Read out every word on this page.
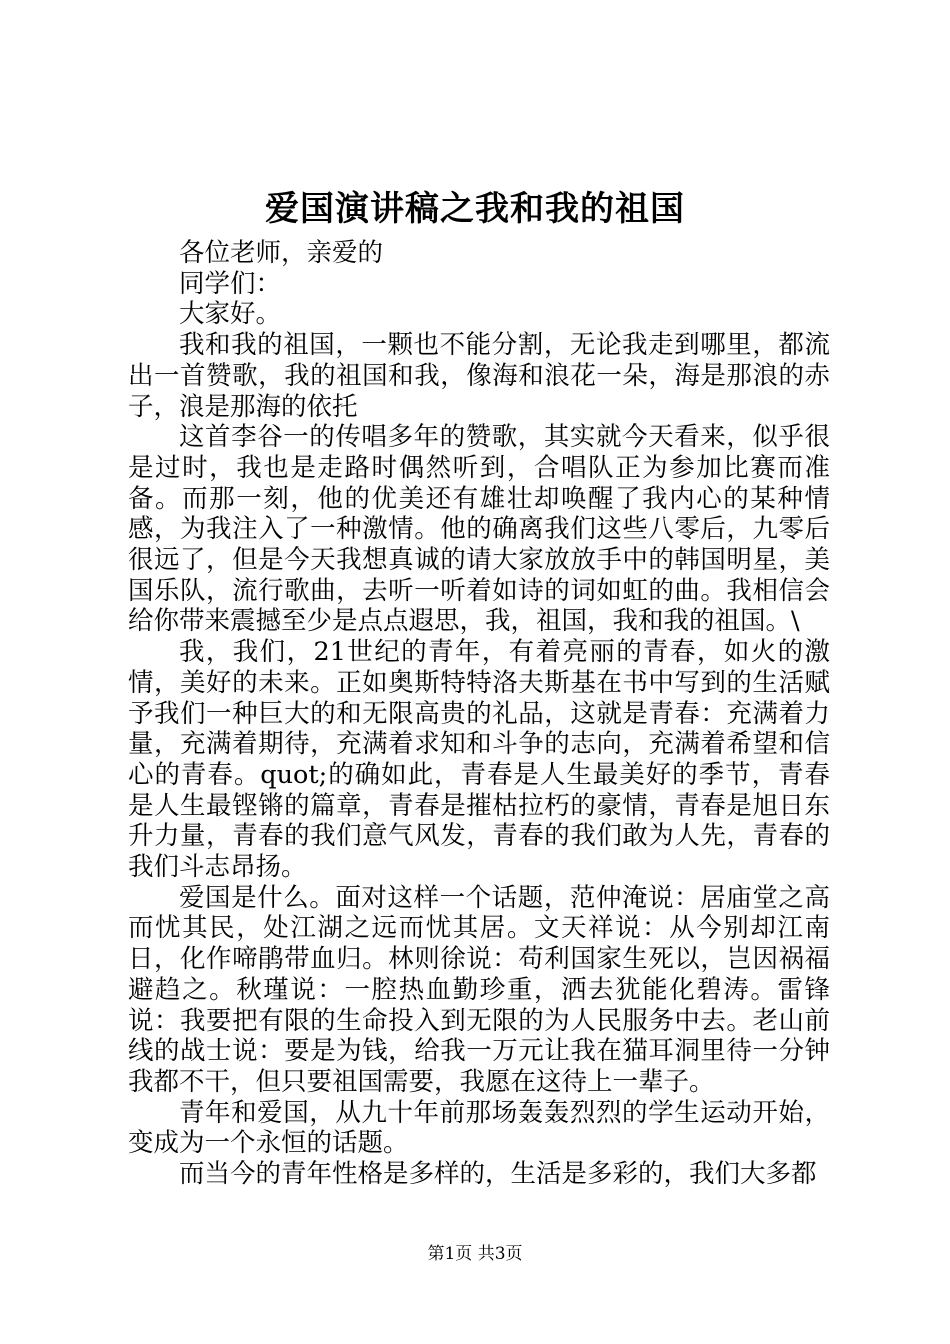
爱国演讲稿之我和我的祖国

各位老师，亲爱的

同学们：

大家好。

我和我的祖国，一颗也不能分割，无论我走到哪里，都流出一首赞歌，我的祖国和我，像海和浪花一朵，海是那浪的赤子，浪是那海的依托

这首李谷一的传唱多年的赞歌，其实就今天看来，似乎很是过时，我也是走路时偶然听到，合唱队正为参加比赛而准备。而那一刻，他的优美还有雄壮却唤醒了我内心的某种情感，为我注入了一种激情。他的确离我们这些八零后，九零后很远了，但是今天我想真诚的请大家放放手中的韩国明星，美国乐队，流行歌曲，去听一听着如诗的词如虹的曲。我相信会给你带来震撼至少是点点遐思，我，祖国，我和我的祖国。\

我，我们，21世纪的青年，有着亮丽的青春，如火的激情，美好的未来。正如奥斯特特洛夫斯基在书中写到的生活赋予我们一种巨大的和无限高贵的礼品，这就是青春：充满着力量，充满着期待，充满着求知和斗争的志向，充满着希望和信心的青春。quot;的确如此，青春是人生最美好的季节，青春是人生最铿锵的篇章，青春是摧枯拉朽的豪情，青春是旭日东升力量，青春的我们意气风发，青春的我们敢为人先，青春的我们斗志昂扬。

爱国是什么。面对这样一个话题，范仲淹说：居庙堂之高而忧其民，处江湖之远而忧其居。文天祥说：从今别却江南日，化作啼鹃带血归。林则徐说：苟利国家生死以，岂因祸福避趋之。秋瑾说：一腔热血勤珍重，洒去犹能化碧涛。雷锋说：我要把有限的生命投入到无限的为人民服务中去。老山前线的战士说：要是为钱，给我一万元让我在猫耳洞里待一分钟我都不干，但只要祖国需要，我愿在这待上一辈子。

青年和爱国，从九十年前那场轰轰烈烈的学生运动开始，变成为一个永恒的话题。

而当今的青年性格是多样的，生活是多彩的，我们大多都

第1页 共3页
